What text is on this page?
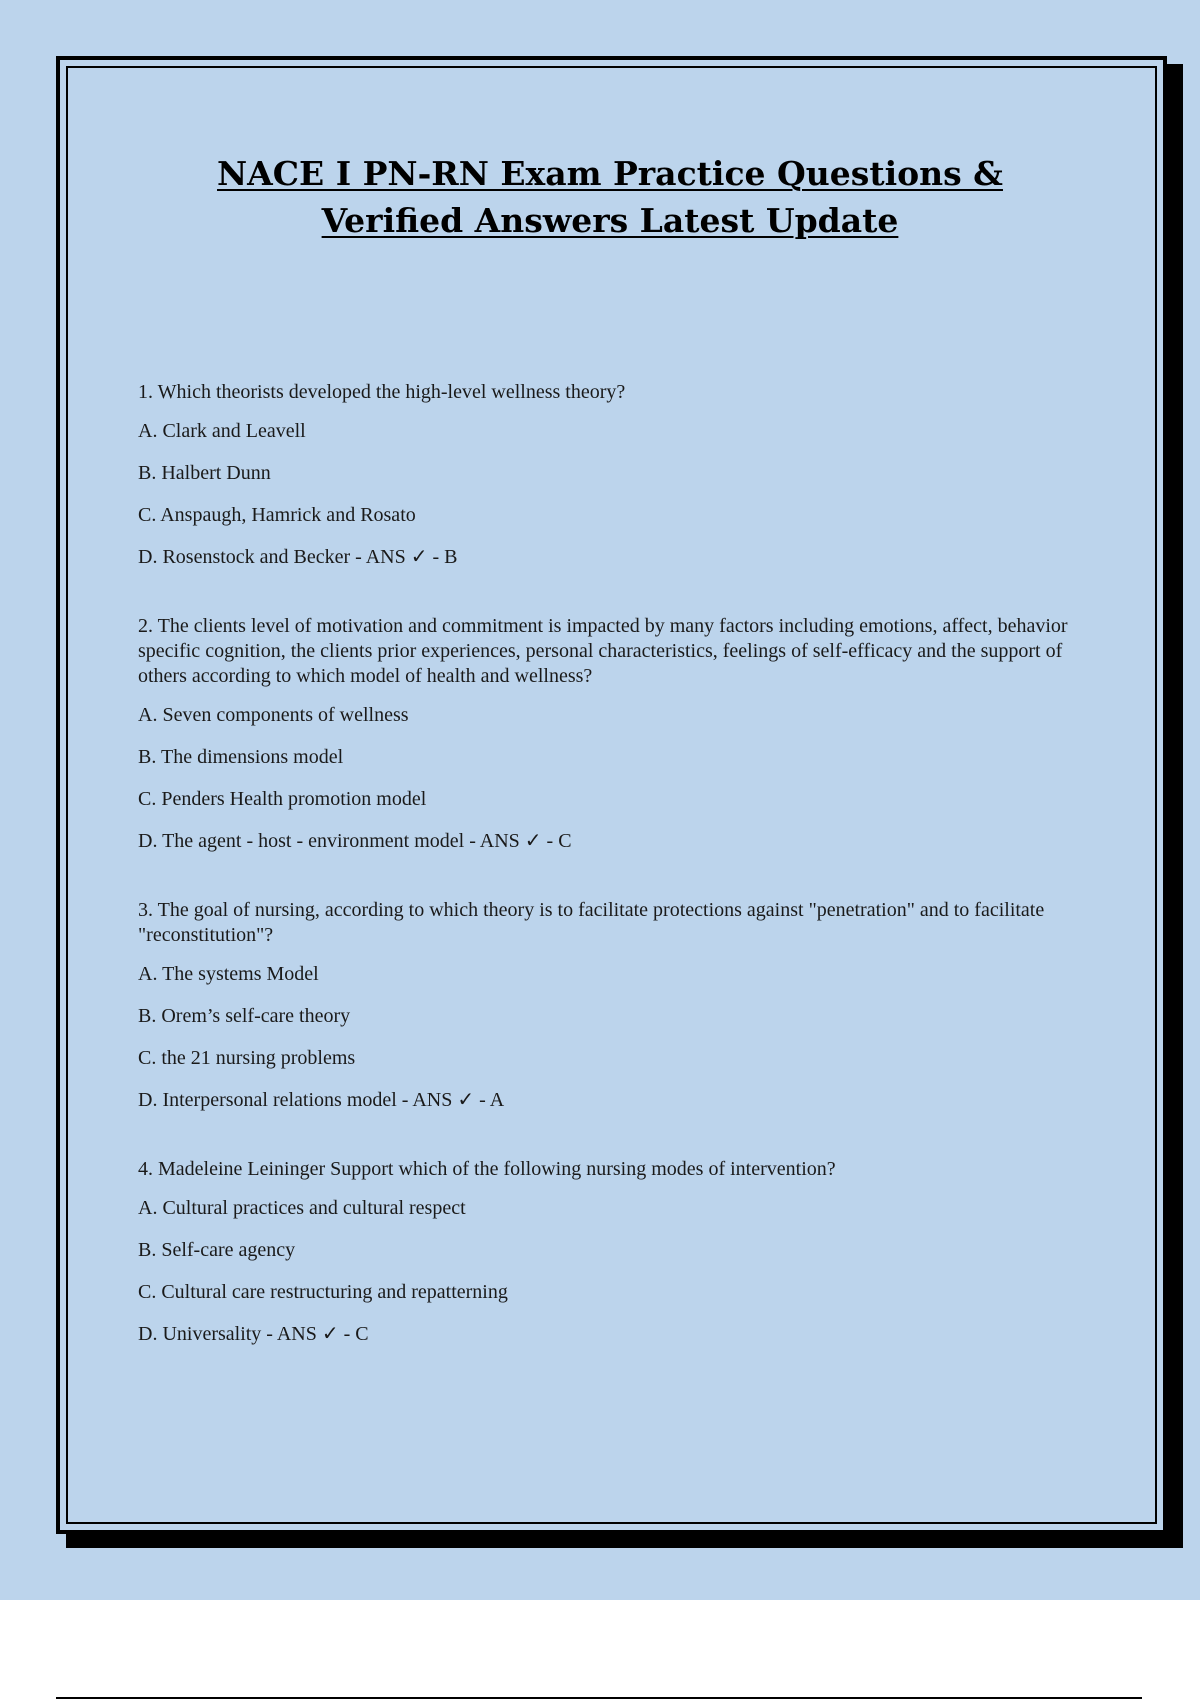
NACE I PN-RN Exam Practice Questions & Verified Answers Latest Update

1. Which theorists developed the high-level wellness theory?

A. Clark and Leavell

B. Halbert Dunn

C. Anspaugh, Hamrick and Rosato

D. Rosenstock and Becker - ANS ✓ - B

2. The clients level of motivation and commitment is impacted by many factors including emotions, affect, behavior specific cognition, the clients prior experiences, personal characteristics, feelings of self-efficacy and the support of others according to which model of health and wellness?

A. Seven components of wellness

B. The dimensions model

C. Penders Health promotion model

D. The agent - host - environment model - ANS ✓ - C

3. The goal of nursing, according to which theory is to facilitate protections against "penetration" and to facilitate "reconstitution"?

A. The systems Model

B. Orem’s self-care theory

C. the 21 nursing problems

D. Interpersonal relations model - ANS ✓ - A

4. Madeleine Leininger Support which of the following nursing modes of intervention?

A. Cultural practices and cultural respect

B. Self-care agency

C. Cultural care restructuring and repatterning

D. Universality - ANS ✓ - C
